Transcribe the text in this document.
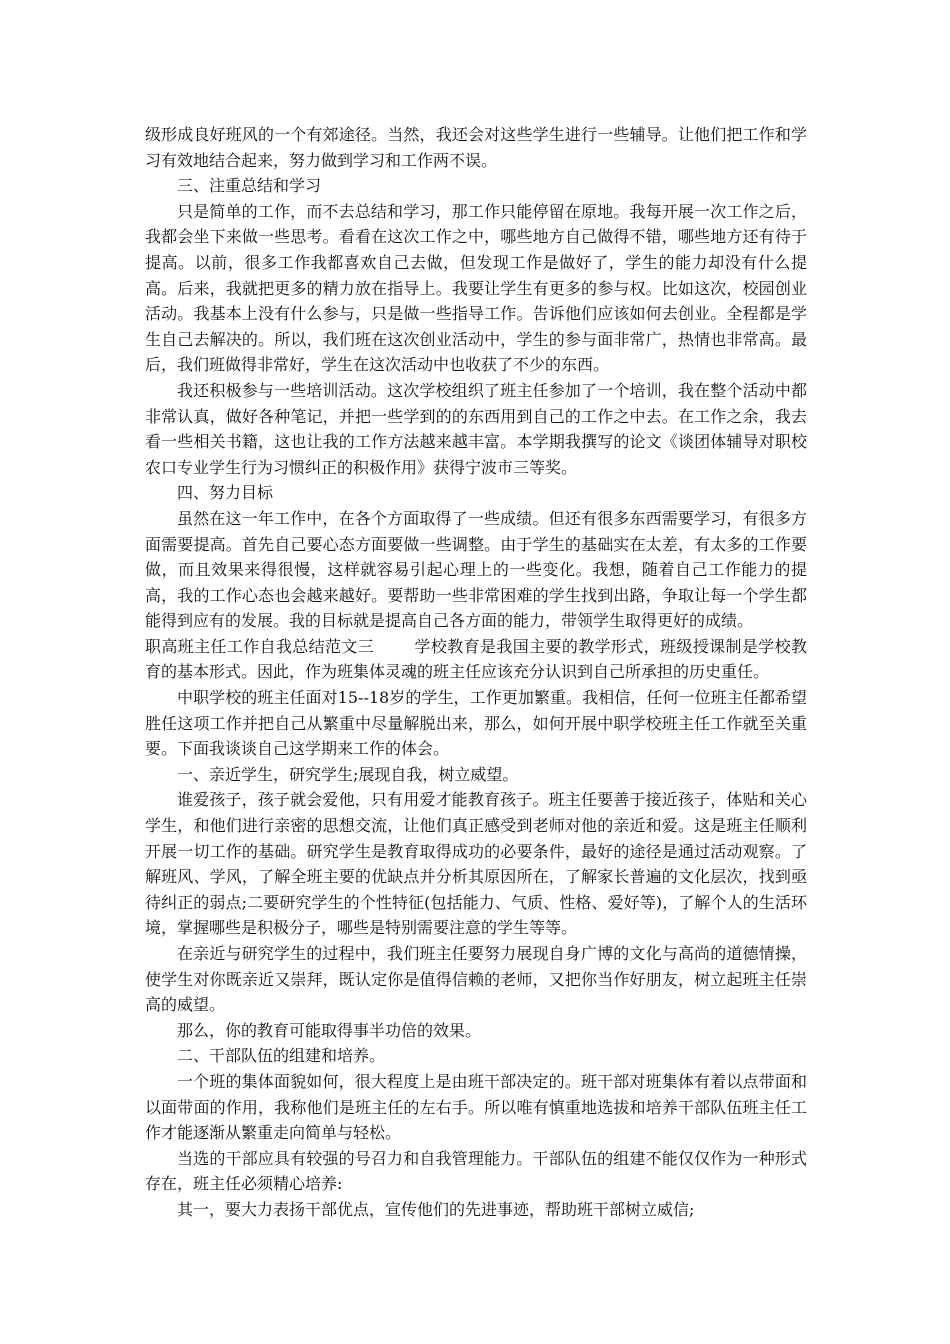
级形成良好班风的一个有郊途径。当然，我还会对这些学生进行一些辅导。让他们把工作和学习有效地结合起来，努力做到学习和工作两不误。

三、注重总结和学习

只是简单的工作，而不去总结和学习，那工作只能停留在原地。我每开展一次工作之后，我都会坐下来做一些思考。看看在这次工作之中，哪些地方自己做得不错，哪些地方还有待于提高。以前，很多工作我都喜欢自己去做，但发现工作是做好了，学生的能力却没有什么提高。后来，我就把更多的精力放在指导上。我要让学生有更多的参与权。比如这次，校园创业活动。我基本上没有什么参与，只是做一些指导工作。告诉他们应该如何去创业。全程都是学生自己去解决的。所以，我们班在这次创业活动中，学生的参与面非常广，热情也非常高。最后，我们班做得非常好，学生在这次活动中也收获了不少的东西。

我还积极参与一些培训活动。这次学校组织了班主任参加了一个培训，我在整个活动中都非常认真，做好各种笔记，并把一些学到的的东西用到自己的工作之中去。在工作之余，我去看一些相关书籍，这也让我的工作方法越来越丰富。本学期我撰写的论文《谈团体辅导对职校农口专业学生行为习惯纠正的积极作用》获得宁波市三等奖。

四、努力目标

虽然在这一年工作中，在各个方面取得了一些成绩。但还有很多东西需要学习，有很多方面需要提高。首先自己要心态方面要做一些调整。由于学生的基础实在太差，有太多的工作要做，而且效果来得很慢，这样就容易引起心理上的一些变化。我想，随着自己工作能力的提高，我的工作心态也会越来越好。要帮助一些非常困难的学生找到出路，争取让每一个学生都能得到应有的发展。我的目标就是提高自己各方面的能力，带领学生取得更好的成绩。

职高班主任工作自我总结范文三	学校教育是我国主要的教学形式，班级授课制是学校教育的基本形式。因此，作为班集体灵魂的班主任应该充分认识到自己所承担的历史重任。

中职学校的班主任面对15--18岁的学生，工作更加繁重。我相信，任何一位班主任都希望胜任这项工作并把自己从繁重中尽量解脱出来，那么，如何开展中职学校班主任工作就至关重要。下面我谈谈自己这学期来工作的体会。

一、亲近学生，研究学生;展现自我，树立威望。

谁爱孩子，孩子就会爱他，只有用爱才能教育孩子。班主任要善于接近孩子，体贴和关心学生，和他们进行亲密的思想交流，让他们真正感受到老师对他的亲近和爱。这是班主任顺利开展一切工作的基础。研究学生是教育取得成功的必要条件，最好的途径是通过活动观察。了解班风、学风，了解全班主要的优缺点并分析其原因所在，了解家长普遍的文化层次，找到亟待纠正的弱点;二要研究学生的个性特征(包括能力、气质、性格、爱好等)，了解个人的生活环境，掌握哪些是积极分子，哪些是特别需要注意的学生等等。

在亲近与研究学生的过程中，我们班主任要努力展现自身广博的文化与高尚的道德情操，使学生对你既亲近又崇拜，既认定你是值得信赖的老师，又把你当作好朋友，树立起班主任崇高的威望。

那么，你的教育可能取得事半功倍的效果。

二、干部队伍的组建和培养。

一个班的集体面貌如何，很大程度上是由班干部决定的。班干部对班集体有着以点带面和以面带面的作用，我称他们是班主任的左右手。所以唯有慎重地选拔和培养干部队伍班主任工作才能逐渐从繁重走向简单与轻松。

当选的干部应具有较强的号召力和自我管理能力。干部队伍的组建不能仅仅作为一种形式存在，班主任必须精心培养:

其一，要大力表扬干部优点，宣传他们的先进事迹，帮助班干部树立威信;
